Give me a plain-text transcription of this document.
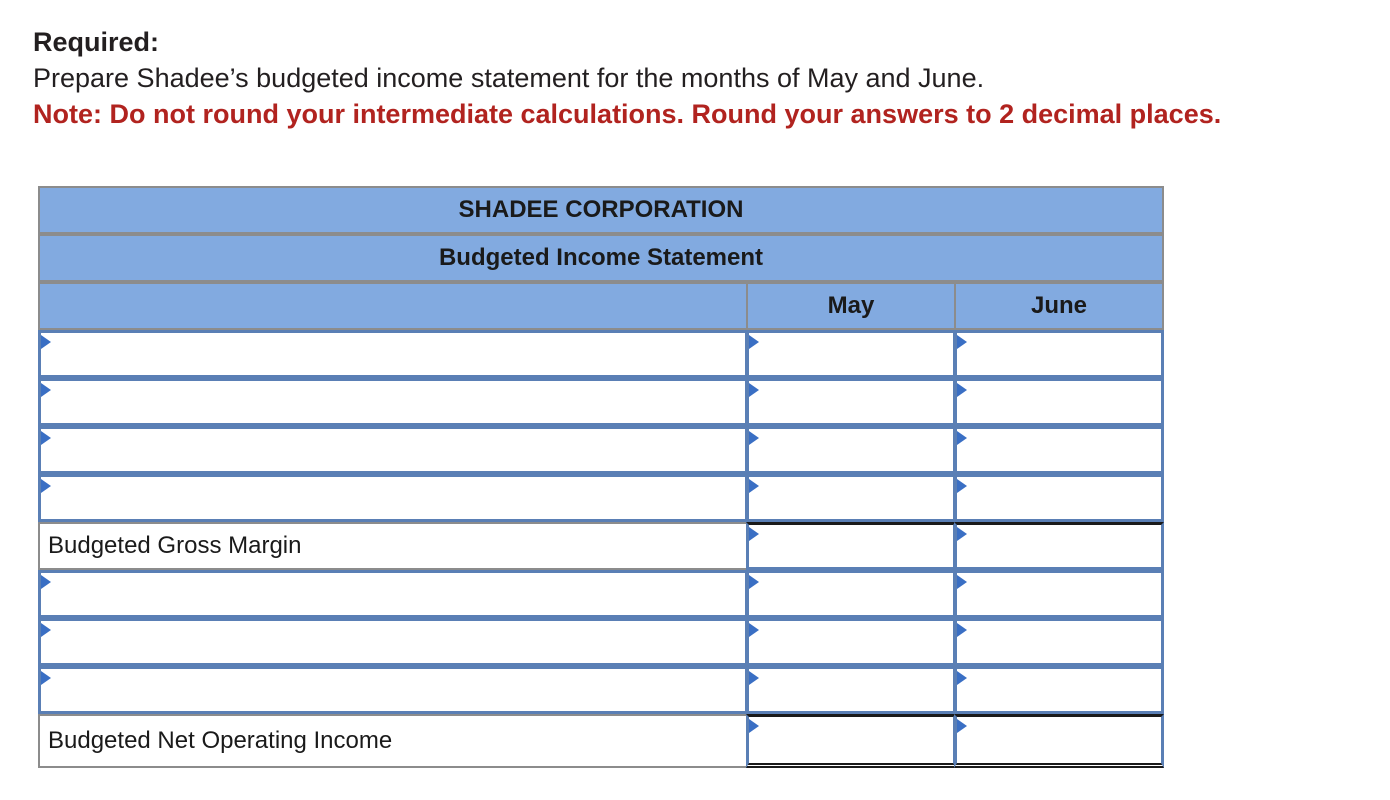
Required:
Prepare Shadee’s budgeted income statement for the months of May and June.
Note: Do not round your intermediate calculations. Round your answers to 2 decimal places.
SHADEE CORPORATION
Budgeted Income Statement
May	June
Budgeted Gross Margin
Budgeted Net Operating Income
